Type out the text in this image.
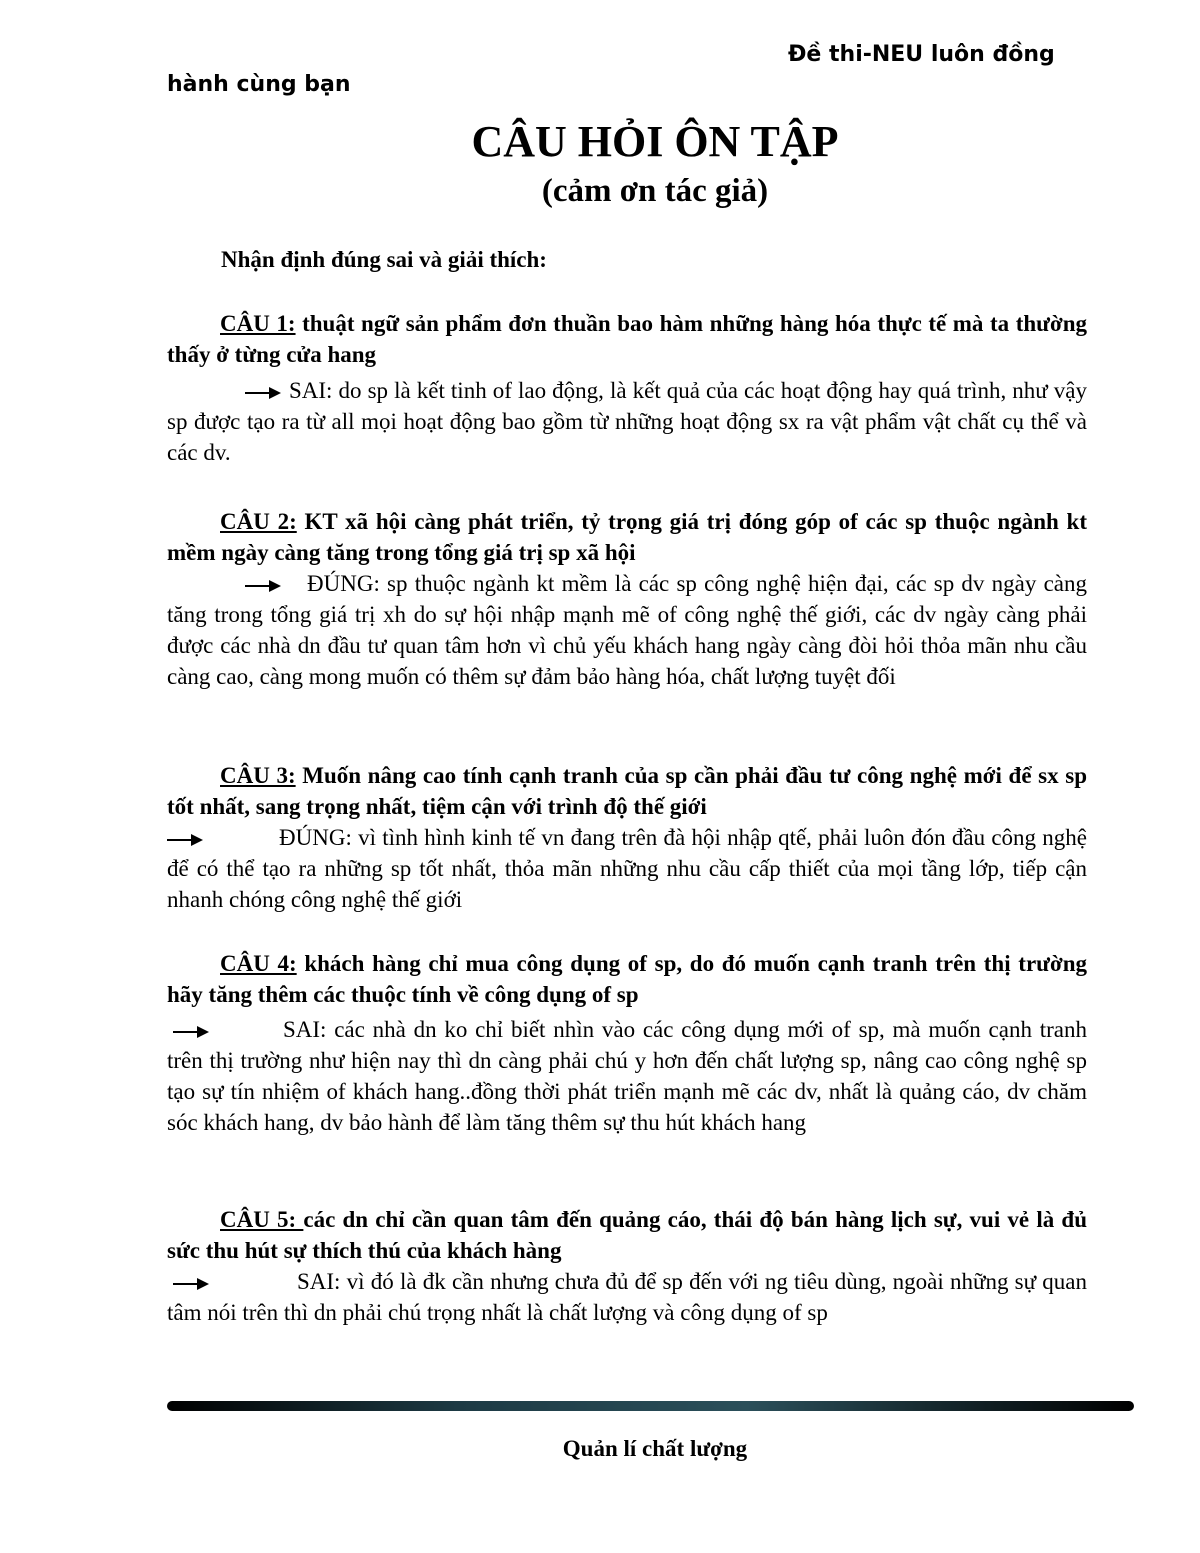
Đề thi-NEU luôn đồng
hành cùng bạn
CÂU HỎI ÔN TẬP
(cảm ơn tác giả)
Nhận định đúng sai và giải thích:
CÂU 1: thuật ngữ sản phẩm đơn thuần bao hàm những hàng hóa thực tế mà ta thường thấy ở từng cửa hang
SAI: do sp là kết tinh of lao động, là kết quả của các hoạt động hay quá trình, như vậy sp được tạo ra từ all mọi hoạt động bao gồm từ những hoạt động sx ra vật phẩm vật chất cụ thể và các dv.
CÂU 2: KT xã hội càng phát triển, tỷ trọng giá trị đóng góp of các sp thuộc ngành kt mềm ngày càng tăng trong tổng giá trị sp xã hội
ĐÚNG: sp thuộc ngành kt mềm là các sp công nghệ hiện đại, các sp dv ngày càng tăng trong tổng giá trị xh do sự hội nhập mạnh mẽ of công nghệ thế giới, các dv ngày càng phải được các nhà dn đầu tư quan tâm hơn vì chủ yếu khách hang ngày càng đòi hỏi thỏa mãn nhu cầu càng cao, càng mong muốn có thêm sự đảm bảo hàng hóa, chất lượng tuyệt đối
CÂU 3: Muốn nâng cao tính cạnh tranh của sp cần phải đầu tư công nghệ mới để sx sp tốt nhất, sang trọng nhất, tiệm cận với trình độ thế giới
ĐÚNG: vì tình hình kinh tế vn đang trên đà hội nhập qtế, phải luôn đón đầu công nghệ để có thể tạo ra những sp tốt nhất, thỏa mãn những nhu cầu cấp thiết của mọi tầng lớp, tiếp cận nhanh chóng công nghệ thế giới
CÂU 4: khách hàng chỉ mua công dụng of sp, do đó muốn cạnh tranh trên thị trường hãy tăng thêm các thuộc tính về công dụng of sp
SAI: các nhà dn ko chỉ biết nhìn vào các công dụng mới of sp, mà muốn cạnh tranh trên thị trường như hiện nay thì dn càng phải chú y hơn đến chất lượng sp, nâng cao công nghệ sp tạo sự tín nhiệm of khách hang..đồng thời phát triển mạnh mẽ các dv, nhất là quảng cáo, dv chăm sóc khách hang, dv bảo hành để làm tăng thêm sự thu hút khách hang
CÂU 5: các dn chỉ cần quan tâm đến quảng cáo, thái độ bán hàng lịch sự, vui vẻ là đủ sức thu hút sự thích thú của khách hàng
SAI: vì đó là đk cần nhưng chưa đủ để sp đến với ng tiêu dùng, ngoài những sự quan tâm nói trên thì dn phải chú trọng nhất là chất lượng và công dụng of sp
Quản lí chất lượng
